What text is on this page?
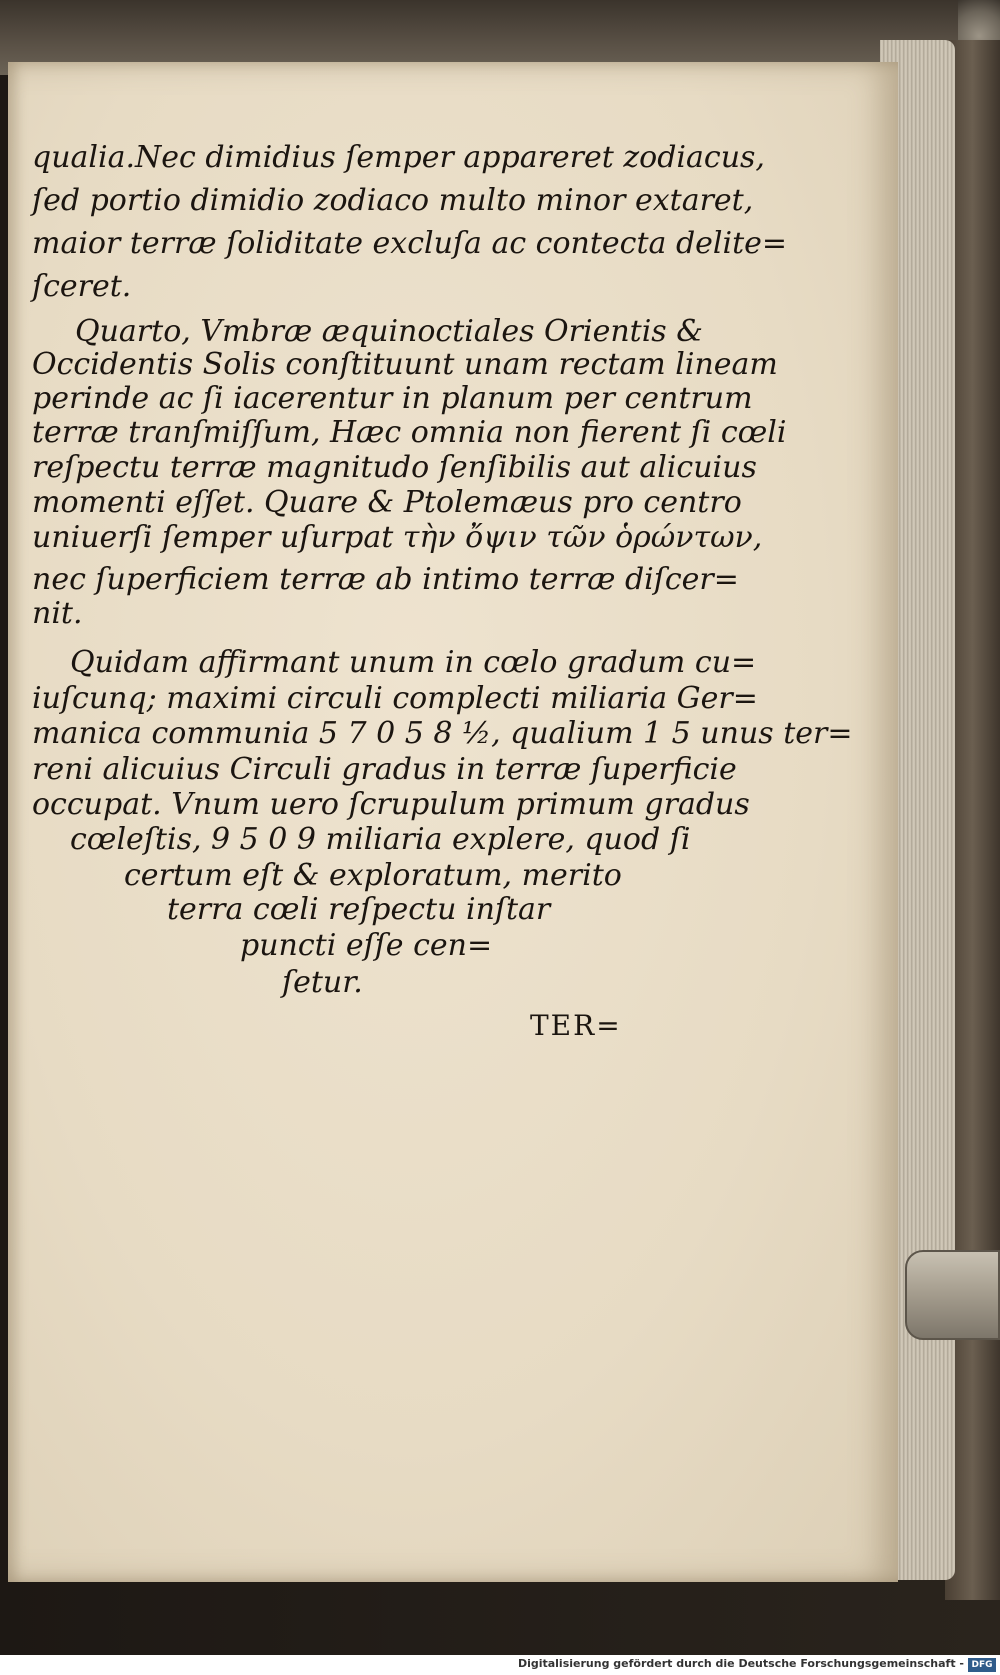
qualia.Nec dimidius ſemper appareret zodiacus,
ſed portio dimidio zodiaco multo minor extaret,
maior terræ ſoliditate excluſa ac contecta delite=
ſceret.
Quarto, Vmbræ æquinoctiales Orientis &
Occidentis Solis conſtituunt unam rectam lineam
perinde ac ſi iacerentur in planum per centrum
terræ tranſmiſſum, Hæc omnia non fierent ſi cœli
reſpectu terræ magnitudo ſenſibilis aut alicuius
momenti eſſet. Quare & Ptolemæus pro centro
uniuerſi ſemper uſurpat τὴν ὄψιν τῶν ὁρώντων,
nec ſuperficiem terræ ab intimo terræ diſcer=
nit.
Quidam affirmant unum in cœlo gradum cu=
iuſcunq; maximi circuli complecti miliaria Ger=
manica communia 5 7 0 5 8 ½, qualium 1 5 unus ter=
reni alicuius Circuli gradus in terræ ſuperficie
occupat. Vnum uero ſcrupulum primum gradus
cœleſtis, 9 5 0 9 miliaria explere, quod ſi
certum eſt & exploratum, merito
terra cœli reſpectu inſtar
puncti eſſe cen=
ſetur.
TER=
Digitalisierung gefördert durch die Deutsche Forschungsgemeinschaft - DFG
